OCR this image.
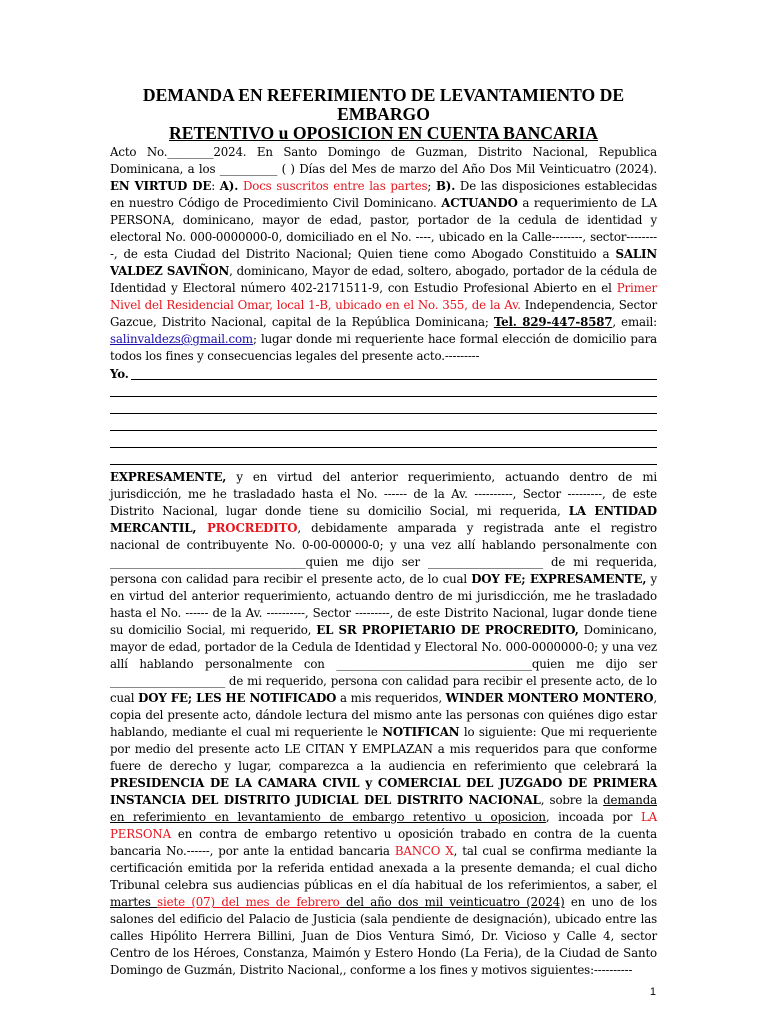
DEMANDA EN REFERIMIENTO DE LEVANTAMIENTO DE EMBARGO
RETENTIVO u OPOSICION EN CUENTA BANCARIA
Acto No.________2024. En Santo Domingo de Guzman, Distrito Nacional, Republica Dominicana, a los __________ ( ) Días del Mes de marzo del Año Dos Mil Veinticuatro (2024). EN VIRTUD DE: A). Docs suscritos entre las partes; B). De las disposiciones establecidas en nuestro Código de Procedimiento Civil Dominicano. ACTUANDO a requerimiento de LA PERSONA, dominicano, mayor de edad, pastor, portador de la cedula de identidad y electoral No. 000-0000000-0, domiciliado en el No. ----, ubicado en la Calle--------, sector---------, de esta Ciudad del Distrito Nacional; Quien tiene como Abogado Constituido a SALIN VALDEZ SAVIÑON, dominicano, Mayor de edad, soltero, abogado, portador de la cédula de Identidad y Electoral número 402-2171511-9, con Estudio Profesional Abierto en el Primer Nivel del Residencial Omar, local 1-B, ubicado en el No. 355, de la Av. Independencia, Sector Gazcue, Distrito Nacional, capital de la República Dominicana; Tel. 829-447-8587, email: salinvaldezs@gmail.com; lugar donde mi requeriente hace formal elección de domicilio para todos los fines y consecuencias legales del presente acto.---------
Yo.
EXPRESAMENTE, y en virtud del anterior requerimiento, actuando dentro de mi jurisdicción, me he trasladado hasta el No. ------ de la Av. ----------, Sector ---------, de este Distrito Nacional, lugar donde tiene su domicilio Social, mi requerida, LA ENTIDAD MERCANTIL, PROCREDITO, debidamente amparada y registrada ante el registro nacional de contribuyente No. 0-00-00000-0; y una vez allí hablando personalmente con __________________________________quien me dijo ser ____________________ de mi requerida, persona con calidad para recibir el presente acto, de lo cual DOY FE; EXPRESAMENTE, y en virtud del anterior requerimiento, actuando dentro de mi jurisdicción, me he trasladado hasta el No. ------ de la Av. ----------, Sector ---------, de este Distrito Nacional, lugar donde tiene su domicilio Social, mi requerido, EL SR PROPIETARIO DE PROCREDITO, Dominicano, mayor de edad, portador de la Cedula de Identidad y Electoral No. 000-0000000-0; y una vez allí hablando personalmente con __________________________________quien me dijo ser ____________________ de mi requerido, persona con calidad para recibir el presente acto, de lo cual DOY FE; LES HE NOTIFICADO a mis requeridos, WINDER MONTERO MONTERO, copia del presente acto, dándole lectura del mismo ante las personas con quiénes digo estar hablando, mediante el cual mi requeriente le NOTIFICAN lo siguiente: Que mi requeriente por medio del presente acto LE CITAN Y EMPLAZAN a mis requeridos para que conforme fuere de derecho y lugar, comparezca a la audiencia en referimiento que celebrará la PRESIDENCIA DE LA CAMARA CIVIL y COMERCIAL DEL JUZGADO DE PRIMERA INSTANCIA DEL DISTRITO JUDICIAL DEL DISTRITO NACIONAL, sobre la demanda en referimiento en levantamiento de embargo retentivo u oposicion, incoada por LA PERSONA en contra de embargo retentivo u oposición trabado en contra de la cuenta bancaria No.------, por ante la entidad bancaria BANCO X, tal cual se confirma mediante la certificación emitida por la referida entidad anexada a la presente demanda; el cual dicho Tribunal celebra sus audiencias públicas en el día habitual de los referimientos, a saber, el martes siete (07) del mes de febrero del año dos mil veinticuatro (2024) en uno de los salones del edificio del Palacio de Justicia (sala pendiente de designación), ubicado entre las calles Hipólito Herrera Billini, Juan de Dios Ventura Simó, Dr. Vicioso y Calle 4, sector Centro de los Héroes, Constanza, Maimón y Estero Hondo (La Feria), de la Ciudad de Santo Domingo de Guzmán, Distrito Nacional,, conforme a los fines y motivos siguientes:----------
1
